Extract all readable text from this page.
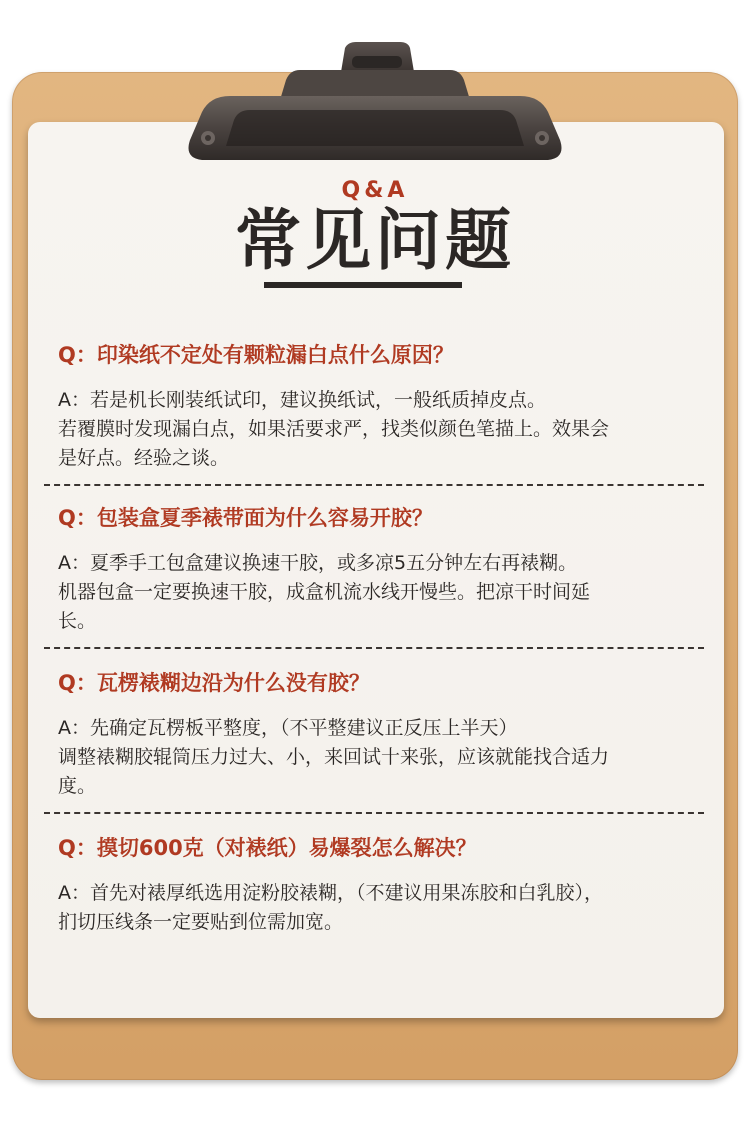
Q&A
常见问题

Q：印染纸不定处有颗粒漏白点什么原因？

A：若是机长刚装纸试印，建议换纸试，一般纸质掉皮点。
若覆膜时发现漏白点，如果活要求严，找类似颜色笔描上。效果会
是好点。经验之谈。

Q：包装盒夏季裱带面为什么容易开胶？

A：夏季手工包盒建议换速干胶，或多凉5五分钟左右再裱糊。
机器包盒一定要换速干胶，成盒机流水线开慢些。把凉干时间延
长。

Q：瓦楞裱糊边沿为什么没有胶？

A：先确定瓦楞板平整度，（不平整建议正反压上半天）
调整裱糊胶辊筒压力过大、小，来回试十来张，应该就能找合适力
度。

Q：摸切600克（对裱纸）易爆裂怎么解决？

A：首先对裱厚纸选用淀粉胶裱糊，（不建议用果冻胶和白乳胶），
扪切压线条一定要贴到位需加宽。
